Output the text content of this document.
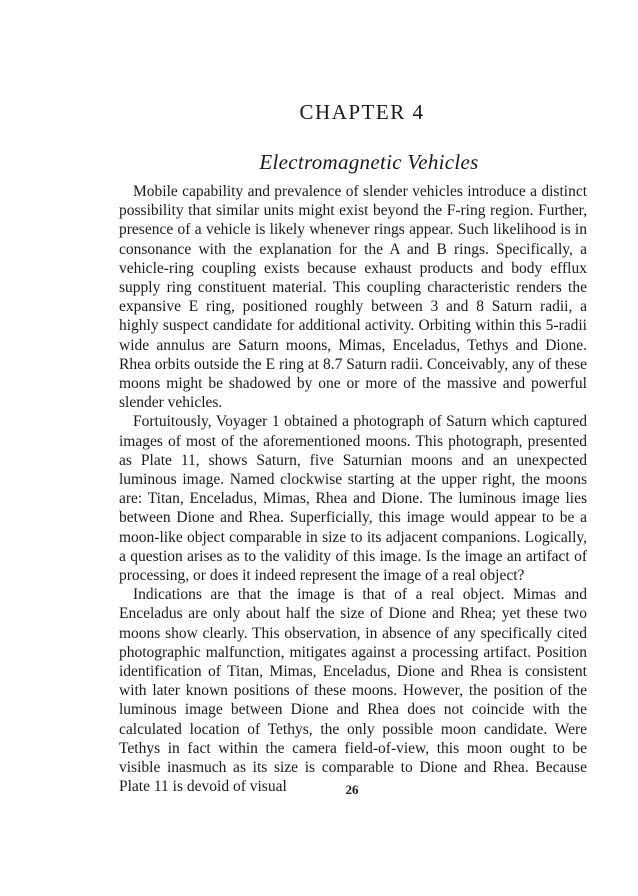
CHAPTER 4
Electromagnetic Vehicles

Mobile capability and prevalence of slender vehicles introduce a distinct possibility that similar units might exist beyond the F-ring region. Further, presence of a vehicle is likely whenever rings appear. Such likelihood is in consonance with the explanation for the A and B rings. Specifically, a vehicle-ring coupling exists because exhaust products and body efflux supply ring constituent material. This coupling characteristic renders the expansive E ring, positioned roughly between 3 and 8 Saturn radii, a highly suspect candidate for additional activity. Orbiting within this 5-radii wide annulus are Saturn moons, Mimas, Enceladus, Tethys and Dione. Rhea orbits outside the E ring at 8.7 Saturn radii. Conceivably, any of these moons might be shadowed by one or more of the massive and powerful slender vehicles.

Fortuitously, Voyager 1 obtained a photograph of Saturn which captured images of most of the aforementioned moons. This photograph, presented as Plate 11, shows Saturn, five Saturnian moons and an unexpected luminous image. Named clockwise starting at the upper right, the moons are: Titan, Enceladus, Mimas, Rhea and Dione. The luminous image lies between Dione and Rhea. Superficially, this image would appear to be a moon-like object comparable in size to its adjacent companions. Logically, a question arises as to the validity of this image. Is the image an artifact of processing, or does it indeed represent the image of a real object?

Indications are that the image is that of a real object. Mimas and Enceladus are only about half the size of Dione and Rhea; yet these two moons show clearly. This observation, in absence of any specifically cited photographic malfunction, mitigates against a processing artifact. Position identification of Titan, Mimas, Enceladus, Dione and Rhea is consistent with later known positions of these moons. However, the position of the luminous image between Dione and Rhea does not coincide with the calculated location of Tethys, the only possible moon candidate. Were Tethys in fact within the camera field-of-view, this moon ought to be visible inasmuch as its size is comparable to Dione and Rhea. Because Plate 11 is devoid of visual	26
